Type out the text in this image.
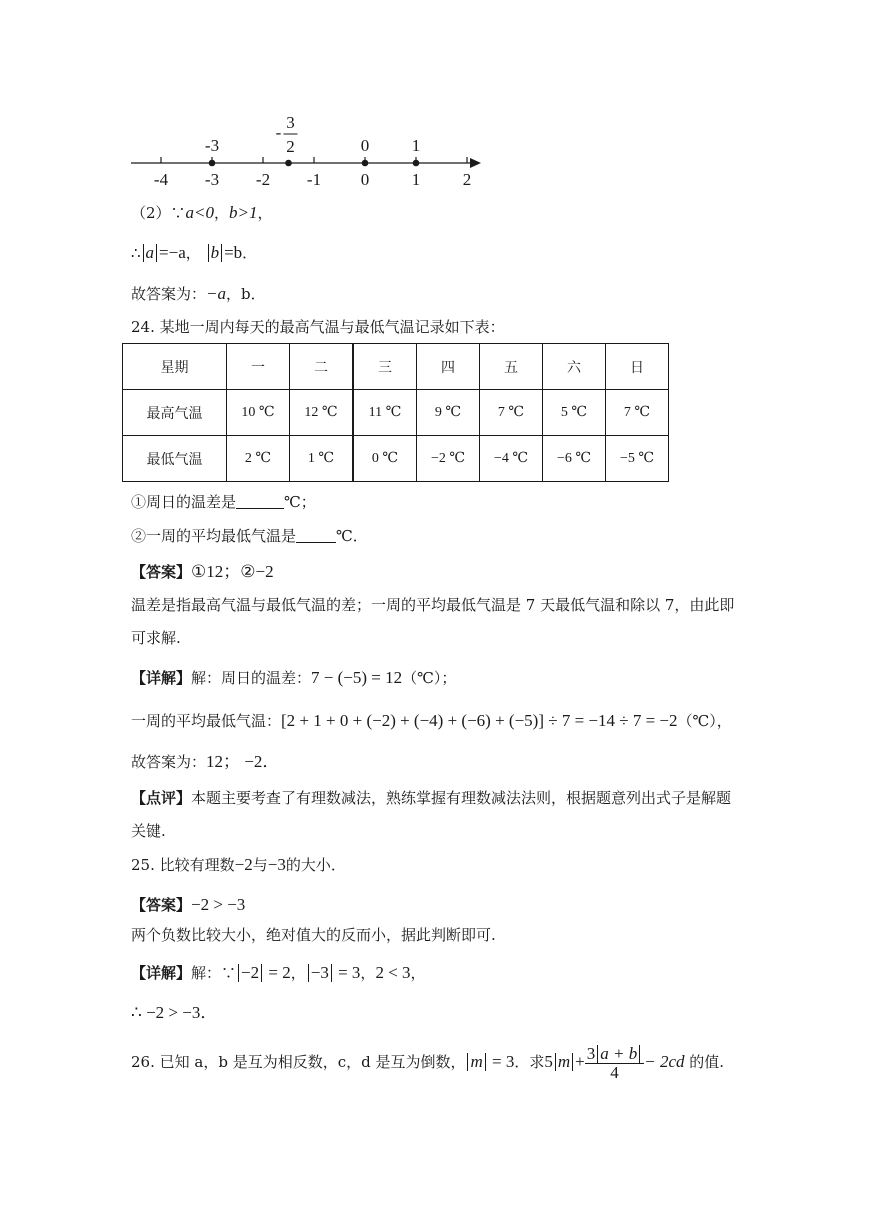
-4 -3 -2 -1 0	1	2
-3
3
2
-
0	1
（2）∵a<0，b>1，
∴ a =−a， b =b．
故答案为：−a，b．
24. 某地一周内每天的最高气温与最低气温记录如下表：
星期	一	二	三	四	五	六	日
最高气温	10 ℃	12 ℃	11 ℃	9 ℃	7 ℃	5 ℃	7 ℃
最低气温	2 ℃	1 ℃	0 ℃	−2 ℃	−4 ℃	−6 ℃	−5 ℃
①周日的温差是	℃；
②一周的平均最低气温是	℃．
【答案】①12；②−2
温差是指最高气温与最低气温的差；一周的平均最低气温是 7 天最低气温和除以 7，由此即
可求解.
【详解】解：周日的温差：7 − (−5) = 12（℃）；
一周的平均最低气温：[2 + 1 + 0 + (−2) + (−4) + (−6) + (−5)] ÷ 7 = −14 ÷ 7 = −2（℃），
故答案为：12； −2．
【点评】本题主要考查了有理数减法，熟练掌握有理数减法法则，根据题意列出式子是解题
关键.
25. 比较有理数−2与−3的大小．
【答案】−2 > −3
两个负数比较大小，绝对值大的反而小，据此判断即可.
【详解】解：∵ −2 = 2， −3 = 3，2 < 3，
∴ −2 > −3．
26. 已知 a，b 是互为相反数，c，d 是互为倒数， m = 3．求5 $m + \frac{3 a + b}{4} - 2cd$ 的值.
